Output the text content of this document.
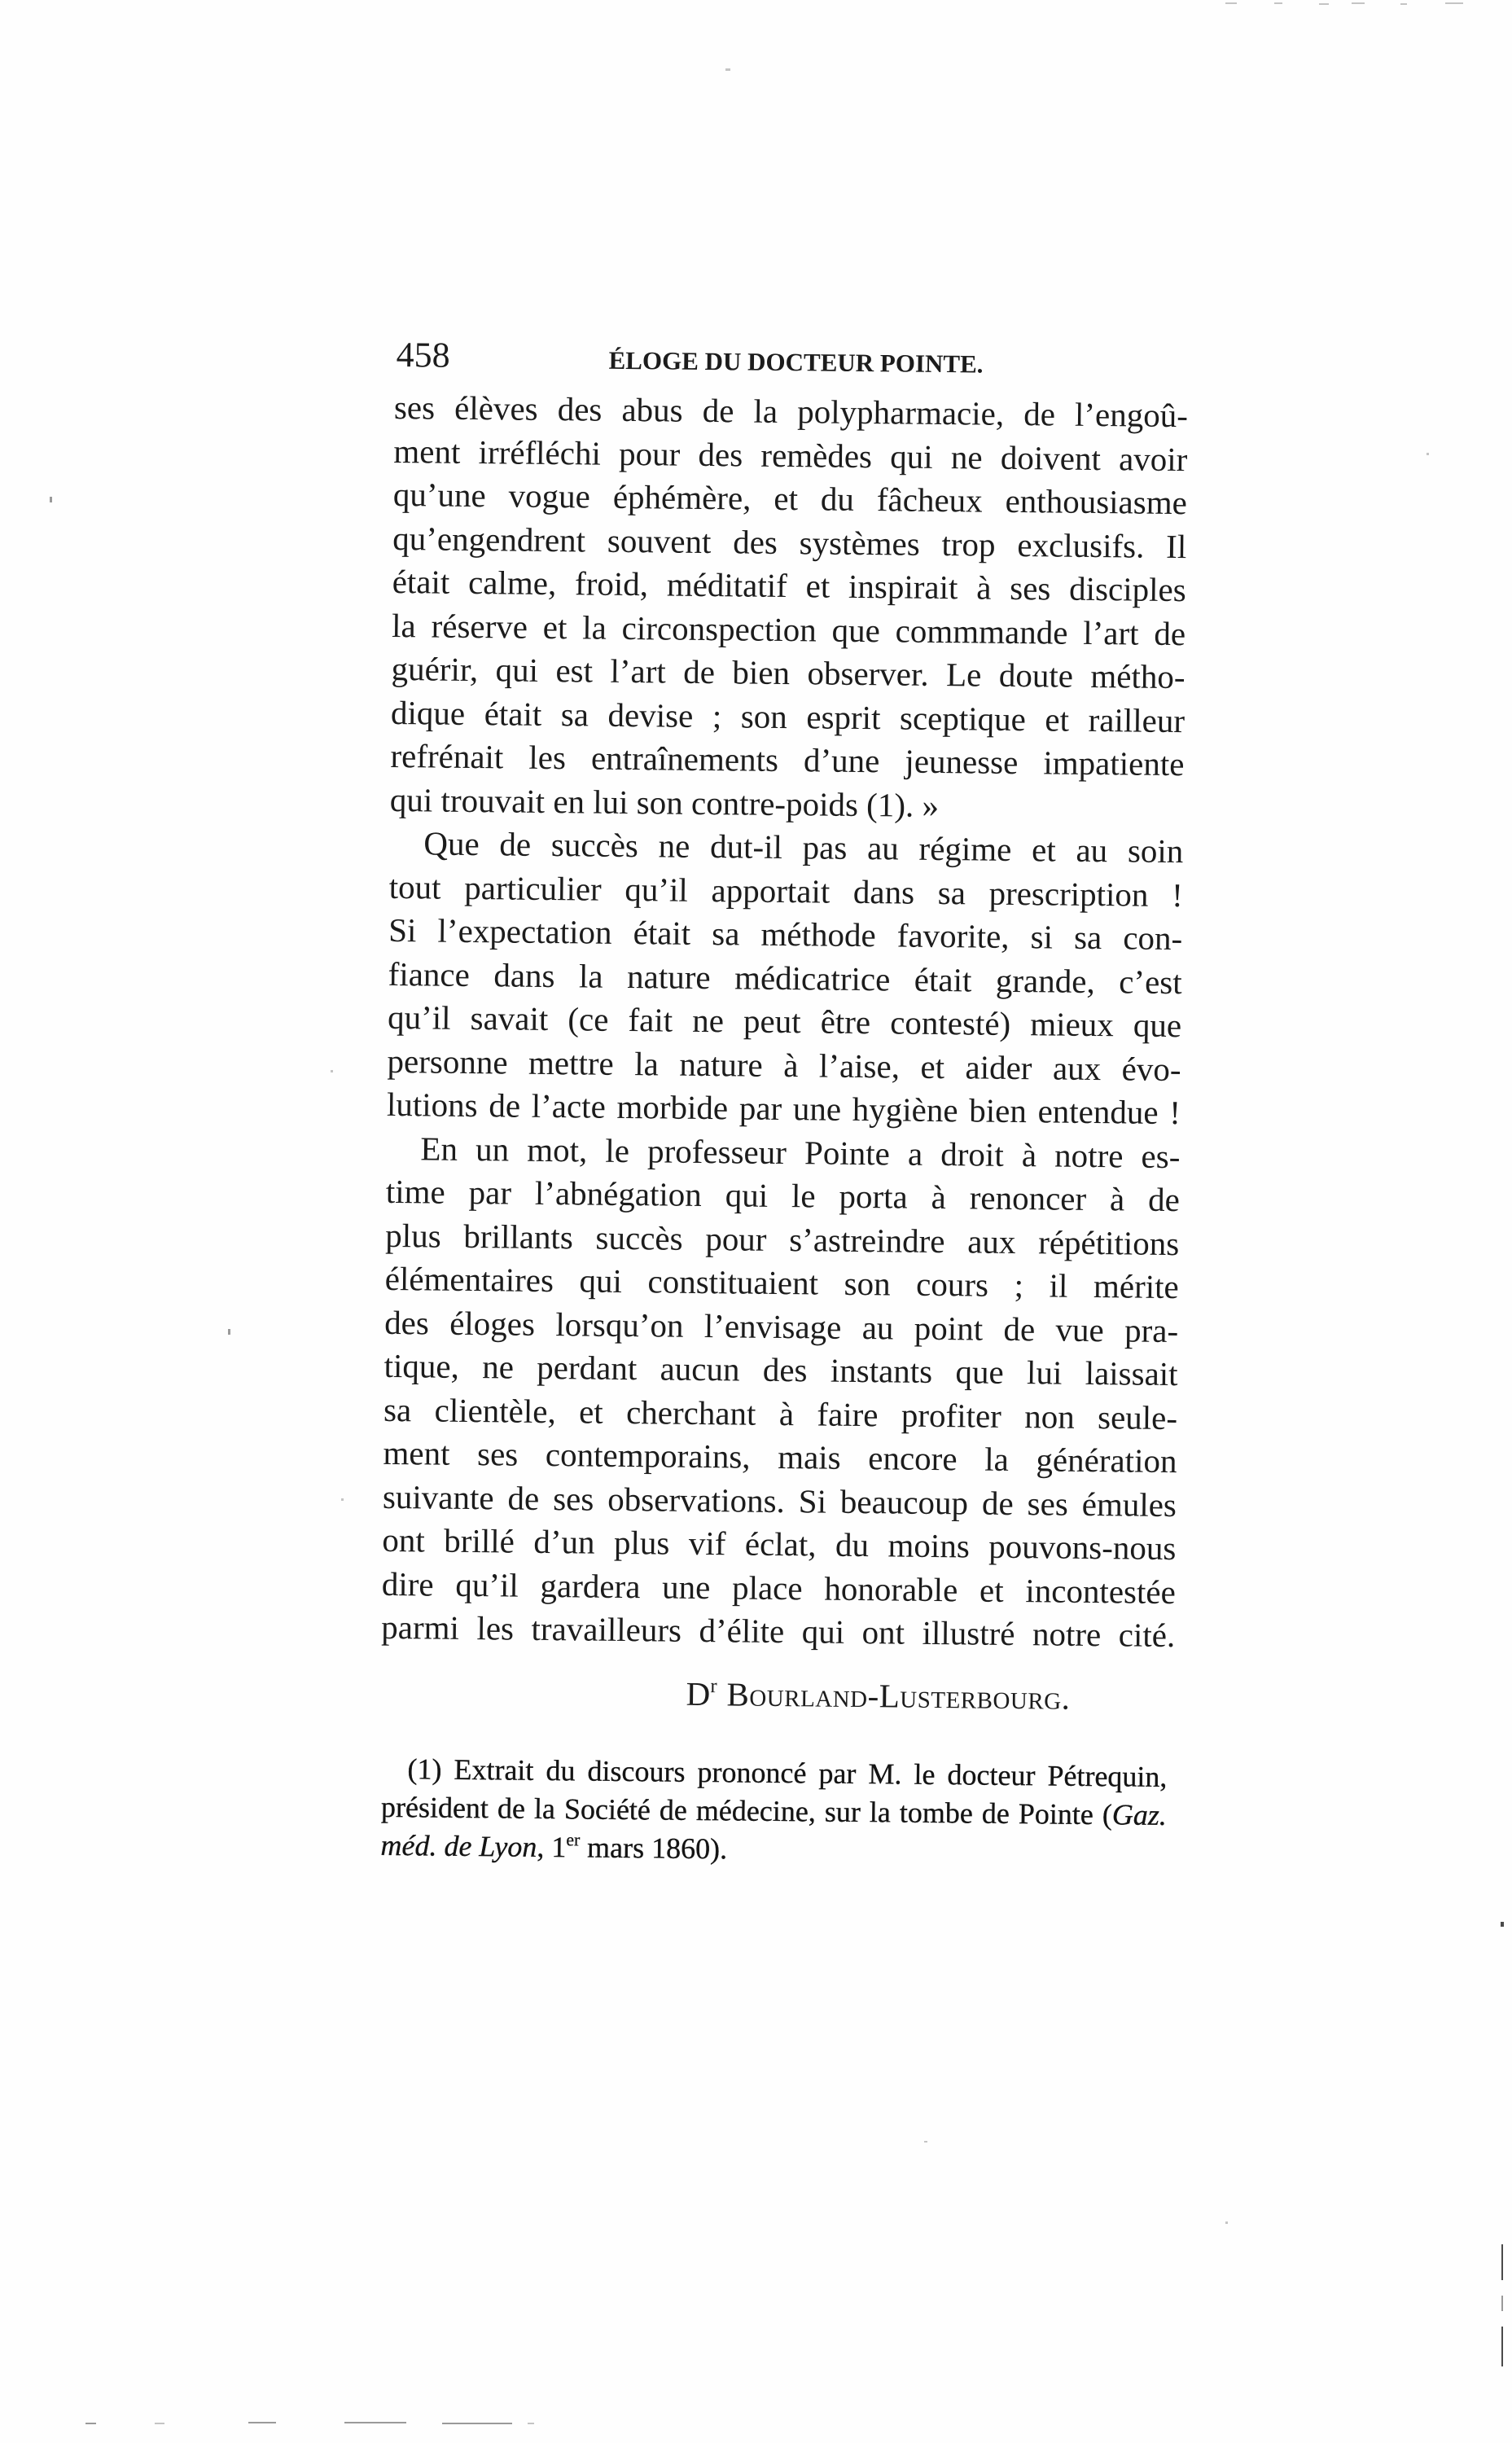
458	ÉLOGE DU DOCTEUR POINTE.
ses élèves des abus de la polypharmacie, de l’engoû-
ment irréfléchi pour des remèdes qui ne doivent avoir
qu’une vogue éphémère, et du fâcheux enthousiasme
qu’engendrent souvent des systèmes trop exclusifs. Il
était calme, froid, méditatif et inspirait à ses disciples
la réserve et la circonspection que commmande l’art de
guérir, qui est l’art de bien observer. Le doute métho-
dique était sa devise ; son esprit sceptique et railleur
refrénait les entraînements d’une jeunesse impatiente
qui trouvait en lui son contre-poids (1). »
Que de succès ne dut-il pas au régime et au soin
tout particulier qu’il apportait dans sa prescription !
Si l’expectation était sa méthode favorite, si sa con-
fiance dans la nature médicatrice était grande, c’est
qu’il savait (ce fait ne peut être contesté) mieux que
personne mettre la nature à l’aise, et aider aux évo-
lutions de l’acte morbide par une hygiène bien entendue !
En un mot, le professeur Pointe a droit à notre es-
time par l’abnégation qui le porta à renoncer à de
plus brillants succès pour s’astreindre aux répétitions
élémentaires qui constituaient son cours ; il mérite
des éloges lorsqu’on l’envisage au point de vue pra-
tique, ne perdant aucun des instants que lui laissait
sa clientèle, et cherchant à faire profiter non seule-
ment ses contemporains, mais encore la génération
suivante de ses observations. Si beaucoup de ses émules
ont brillé d’un plus vif éclat, du moins pouvons-nous
dire qu’il gardera une place honorable et incontestée
parmi les travailleurs d’élite qui ont illustré notre cité.
$D^r$ Bourland-Lusterbourg.
(1) Extrait du discours prononcé par M. le docteur Pétrequin,
président de la Société de médecine, sur la tombe de Pointe (Gaz.
méd. de Lyon, 1er mars 1860).
